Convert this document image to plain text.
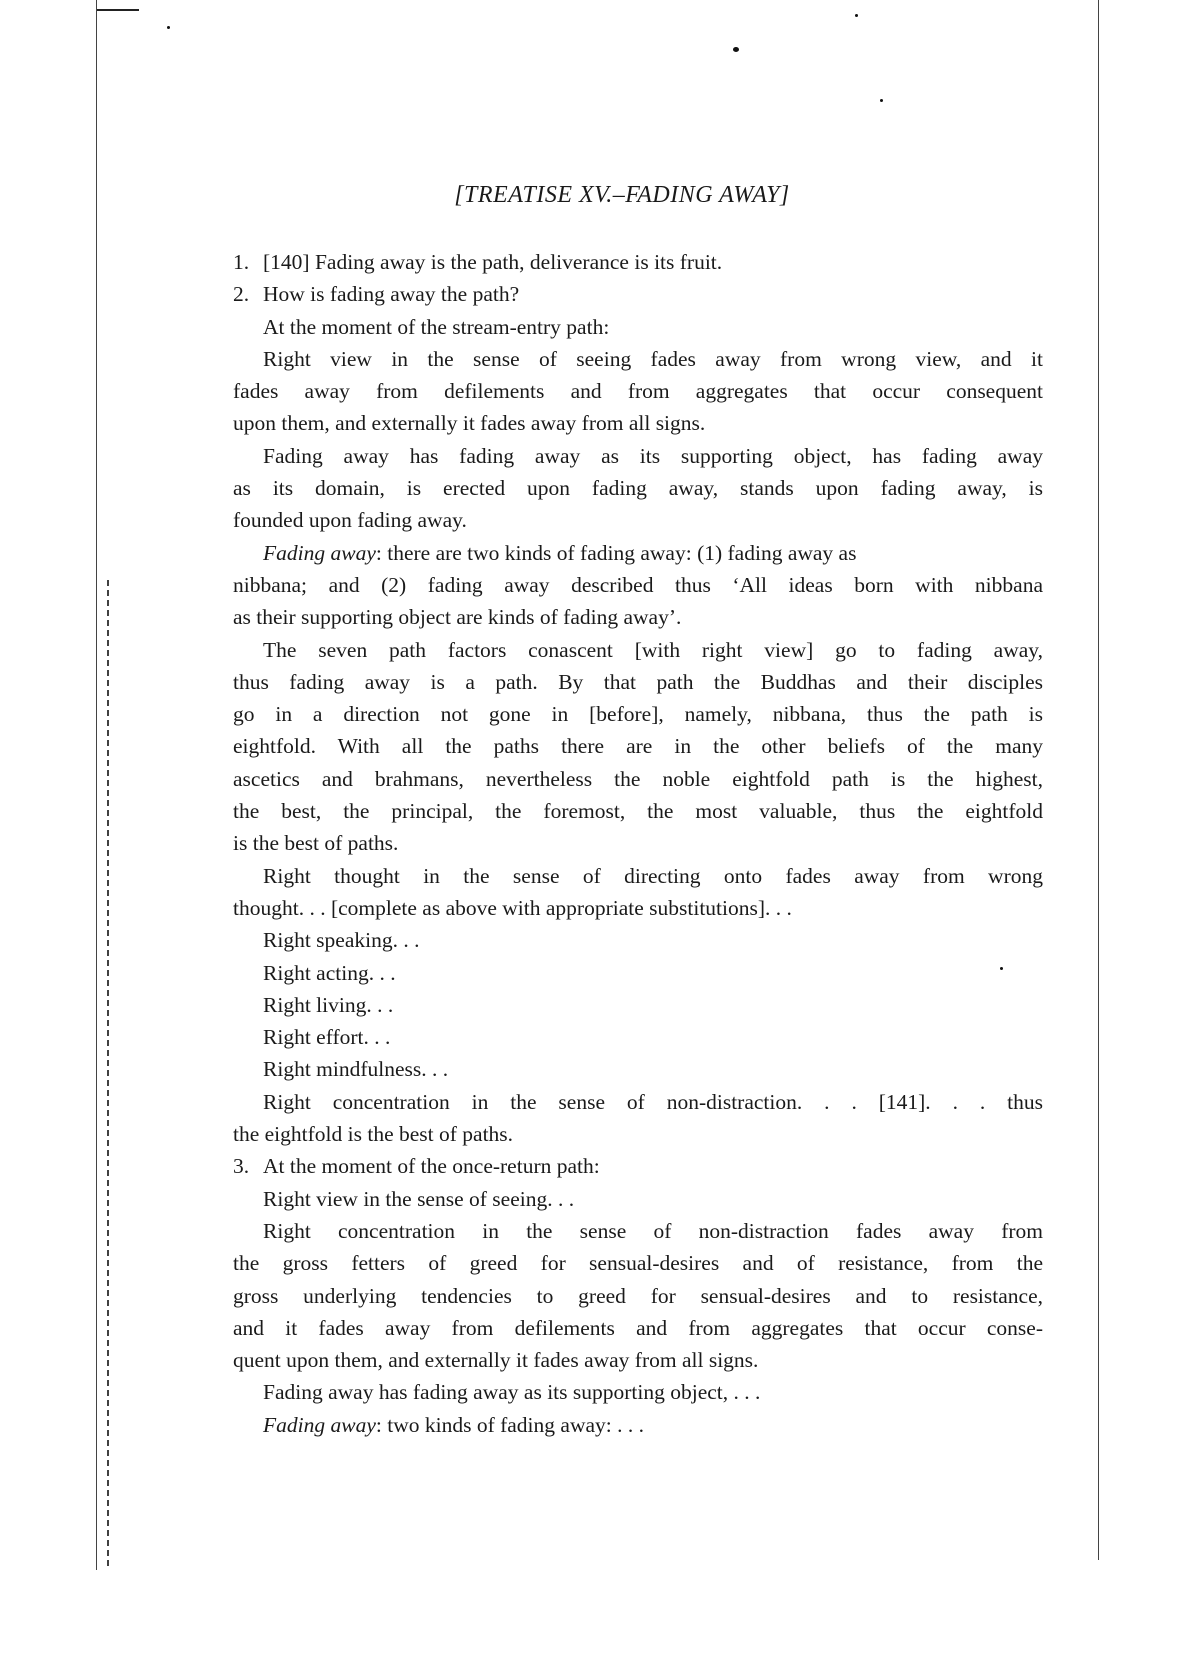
[TREATISE XV.–FADING AWAY]
1. [140] Fading away is the path, deliverance is its fruit.
2. How is fading away the path?
At the moment of the stream-entry path:
Right view in the sense of seeing fades away from wrong view, and it
fades away from defilements and from aggregates that occur consequent
upon them, and externally it fades away from all signs.
Fading away has fading away as its supporting object, has fading away
as its domain, is erected upon fading away, stands upon fading away, is
founded upon fading away.
Fading away: there are two kinds of fading away: (1) fading away as
nibbana; and (2) fading away described thus ‘All ideas born with nibbana
as their supporting object are kinds of fading away’.
The seven path factors conascent [with right view] go to fading away,
thus fading away is a path. By that path the Buddhas and their disciples
go in a direction not gone in [before], namely, nibbana, thus the path is
eightfold. With all the paths there are in the other beliefs of the many
ascetics and brahmans, nevertheless the noble eightfold path is the highest,
the best, the principal, the foremost, the most valuable, thus the eightfold
is the best of paths.
Right thought in the sense of directing onto fades away from wrong
thought. . . [complete as above with appropriate substitutions]. . .
Right speaking. . .
Right acting. . .
Right living. . .
Right effort. . .
Right mindfulness. . .
Right concentration in the sense of non-distraction. . . [141]. . . thus
the eightfold is the best of paths.
3. At the moment of the once-return path:
Right view in the sense of seeing. . .
Right concentration in the sense of non-distraction fades away from
the gross fetters of greed for sensual-desires and of resistance, from the
gross underlying tendencies to greed for sensual-desires and to resistance,
and it fades away from defilements and from aggregates that occur conse-
quent upon them, and externally it fades away from all signs.
Fading away has fading away as its supporting object, . . .
Fading away: two kinds of fading away: . . .
